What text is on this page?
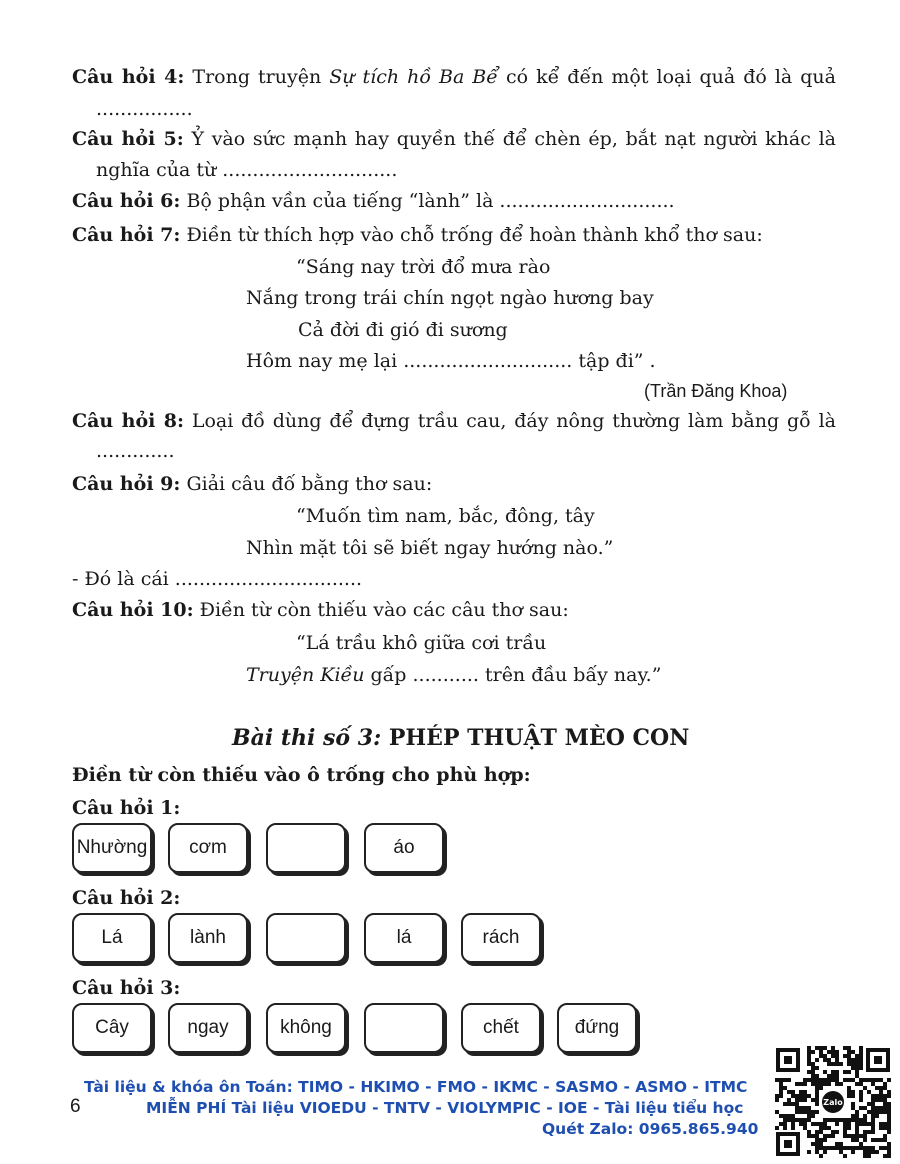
Câu hỏi 4: Trong truyện Sự tích hồ Ba Bể có kể đến một loại quả đó là quả
................
Câu hỏi 5: Ỷ vào sức mạnh hay quyền thế để chèn ép, bắt nạt người khác là
nghĩa của từ .............................
Câu hỏi 6: Bộ phận vần của tiếng “lành” là .............................
Câu hỏi 7: Điền từ thích hợp vào chỗ trống để hoàn thành khổ thơ sau:
“Sáng nay trời đổ mưa rào
Nắng trong trái chín ngọt ngào hương bay
Cả đời đi gió đi sương
Hôm nay mẹ lại ............................ tập đi” .
(Trần Đăng Khoa)
Câu hỏi 8: Loại đồ dùng để đựng trầu cau, đáy nông thường làm bằng gỗ là
.............
Câu hỏi 9: Giải câu đố bằng thơ sau:
“Muốn tìm nam, bắc, đông, tây
Nhìn mặt tôi sẽ biết ngay hướng nào.”
- Đó là cái ...............................
Câu hỏi 10: Điền từ còn thiếu vào các câu thơ sau:
“Lá trầu khô giữa cơi trầu
Truyện Kiều gấp ........... trên đầu bấy nay.”
Bài thi số 3: PHÉP THUẬT MÈO CON
Điền từ còn thiếu vào ô trống cho phù hợp:
Câu hỏi 1:
Nhường	cơm	áo
Câu hỏi 2:
Lá	lành	lá	rách
Câu hỏi 3:
Cây	ngay	không	chết	đứng
6
Tài liệu & khóa ôn Toán: TIMO - HKIMO - FMO - IKMC - SASMO - ASMO - ITMC
MIỄN PHÍ Tài liệu VIOEDU - TNTV - VIOLYMPIC - IOE - Tài liệu tiểu học
Quét Zalo: 0965.865.940
Zalo
